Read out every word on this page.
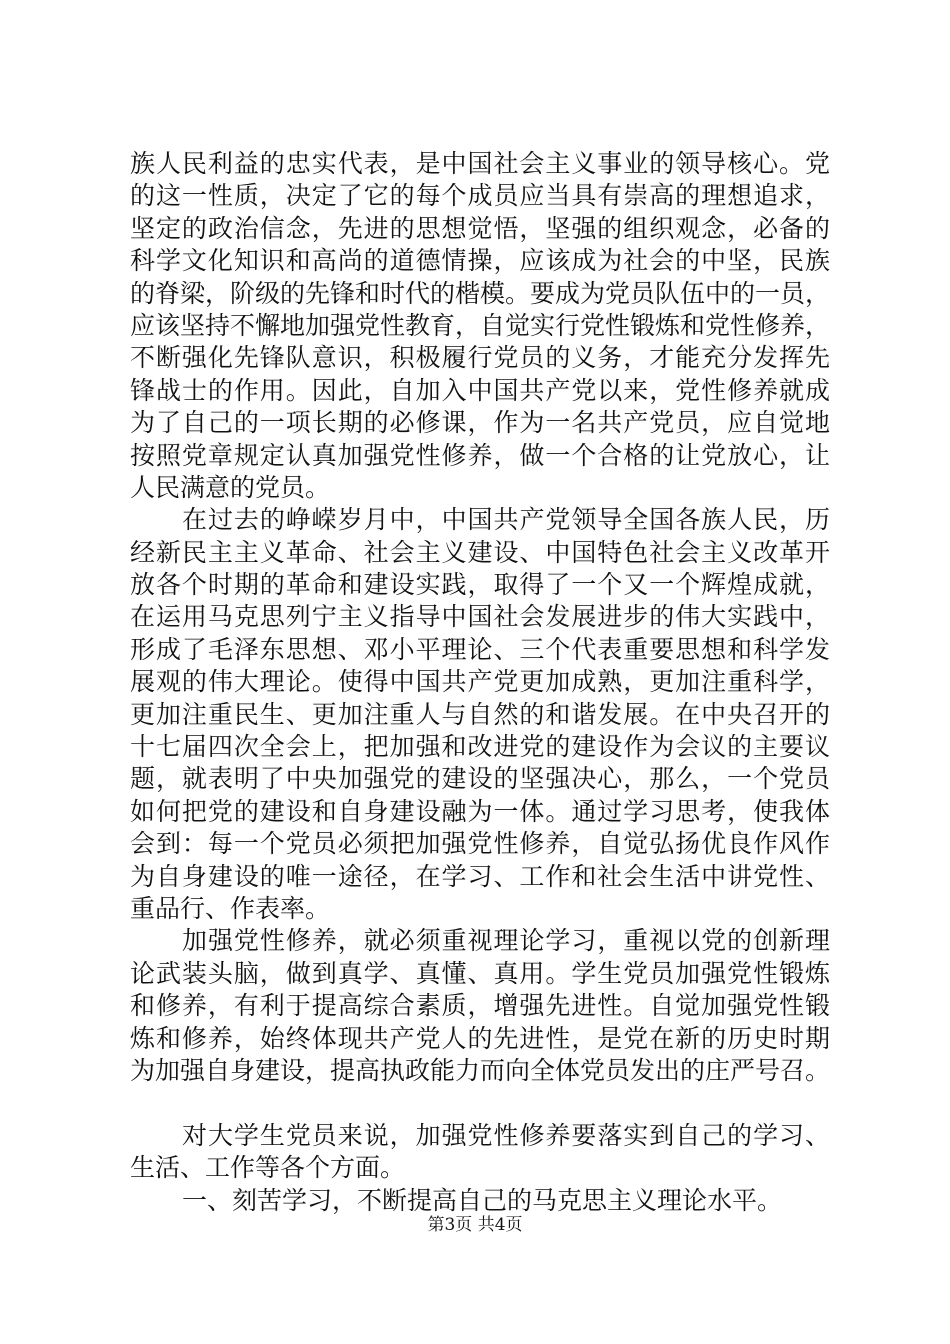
族人民利益的忠实代表，是中国社会主义事业的领导核心。党
的这一性质，决定了它的每个成员应当具有崇高的理想追求，
坚定的政治信念，先进的思想觉悟，坚强的组织观念，必备的
科学文化知识和高尚的道德情操，应该成为社会的中坚，民族
的脊梁，阶级的先锋和时代的楷模。要成为党员队伍中的一员，
应该坚持不懈地加强党性教育，自觉实行党性锻炼和党性修养，
不断强化先锋队意识，积极履行党员的义务，才能充分发挥先
锋战士的作用。因此，自加入中国共产党以来，党性修养就成
为了自己的一项长期的必修课，作为一名共产党员，应自觉地
按照党章规定认真加强党性修养，做一个合格的让党放心，让
人民满意的党员。
在过去的峥嵘岁月中，中国共产党领导全国各族人民，历
经新民主主义革命、社会主义建设、中国特色社会主义改革开
放各个时期的革命和建设实践，取得了一个又一个辉煌成就，
在运用马克思列宁主义指导中国社会发展进步的伟大实践中，
形成了毛泽东思想、邓小平理论、三个代表重要思想和科学发
展观的伟大理论。使得中国共产党更加成熟，更加注重科学，
更加注重民生、更加注重人与自然的和谐发展。在中央召开的
十七届四次全会上，把加强和改进党的建设作为会议的主要议
题，就表明了中央加强党的建设的坚强决心，那么，一个党员
如何把党的建设和自身建设融为一体。通过学习思考，使我体
会到：每一个党员必须把加强党性修养，自觉弘扬优良作风作
为自身建设的唯一途径，在学习、工作和社会生活中讲党性、
重品行、作表率。
加强党性修养，就必须重视理论学习，重视以党的创新理
论武装头脑，做到真学、真懂、真用。学生党员加强党性锻炼
和修养，有利于提高综合素质，增强先进性。自觉加强党性锻
炼和修养，始终体现共产党人的先进性，是党在新的历史时期
为加强自身建设，提高执政能力而向全体党员发出的庄严号召。
对大学生党员来说，加强党性修养要落实到自己的学习、
生活、工作等各个方面。
一、刻苦学习，不断提高自己的马克思主义理论水平。
第3页 共4页
